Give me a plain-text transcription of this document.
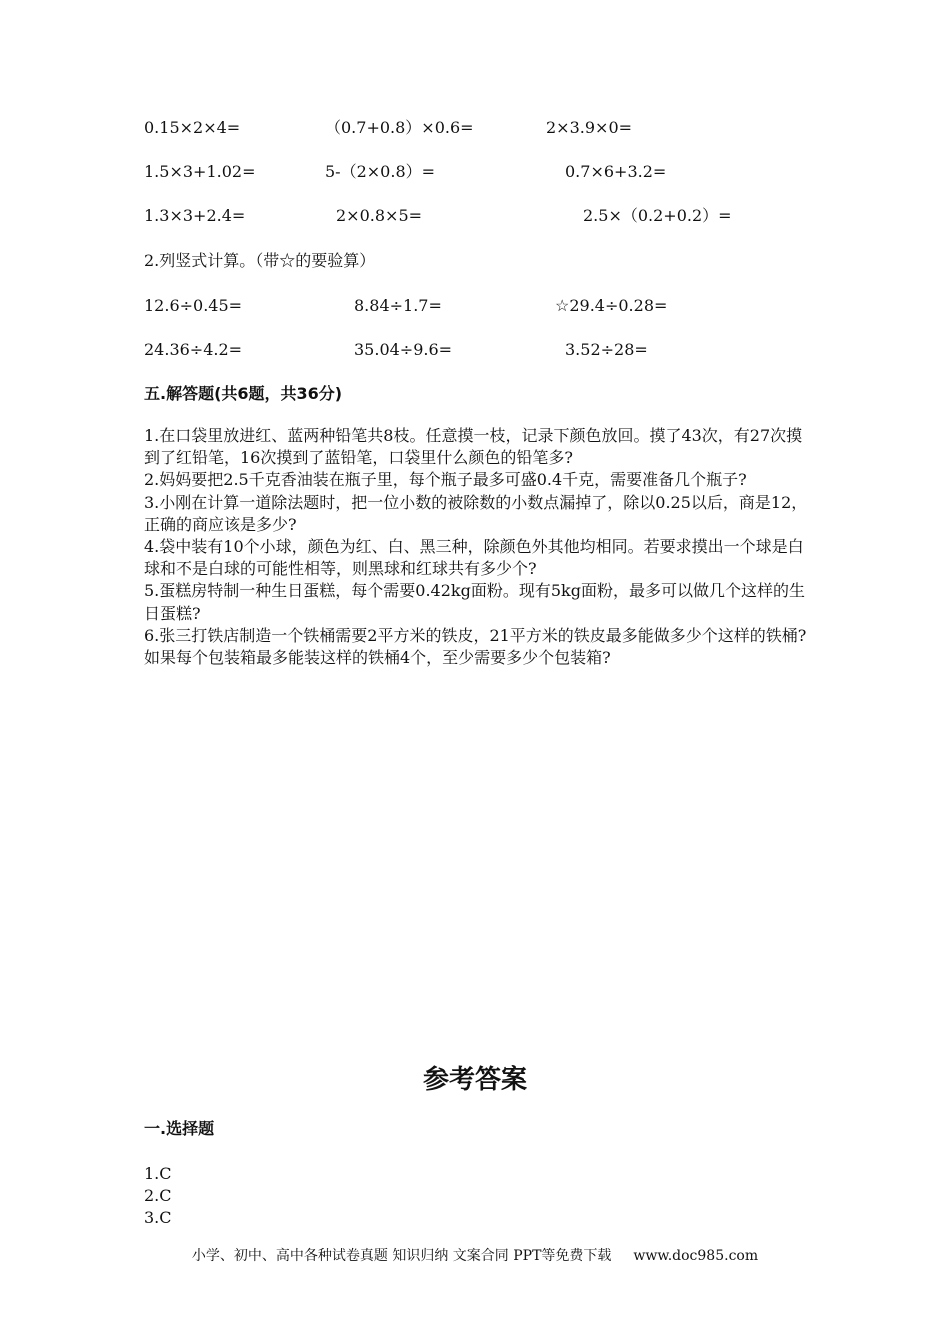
0.15×2×4=	（0.7+0.8）×0.6=	2×3.9×0=
1.5×3+1.02=	5-（2×0.8）=	0.7×6+3.2=
1.3×3+2.4=	2×0.8×5=	2.5×（0.2+0.2）=
2.列竖式计算。（带☆的要验算）
12.6÷0.45=	8.84÷1.7=	☆29.4÷0.28=
24.36÷4.2=	35.04÷9.6=	3.52÷28=
五.解答题(共6题，共36分)

1.在口袋里放进红、蓝两种铅笔共8枝。任意摸一枝，记录下颜色放回。摸了43次，有27次摸到了红铅笔，16次摸到了蓝铅笔，口袋里什么颜色的铅笔多?

2.妈妈要把2.5千克香油装在瓶子里，每个瓶子最多可盛0.4千克，需要准备几个瓶子?

3.小刚在计算一道除法题时，把一位小数的被除数的小数点漏掉了，除以0.25以后，商是12，正确的商应该是多少?

4.袋中装有10个小球，颜色为红、白、黑三种，除颜色外其他均相同。若要求摸出一个球是白球和不是白球的可能性相等，则黑球和红球共有多少个?

5.蛋糕房特制一种生日蛋糕，每个需要0.42kg面粉。现有5kg面粉，最多可以做几个这样的生日蛋糕?

6.张三打铁店制造一个铁桶需要2平方米的铁皮，21平方米的铁皮最多能做多少个这样的铁桶?如果每个包装箱最多能装这样的铁桶4个，至少需要多少个包装箱?

参考答案
一.选择题
1.C
2.C
3.C
小学、初中、高中各种试卷真题 知识归纳 文案合同 PPT等免费下载 www.doc985.com
